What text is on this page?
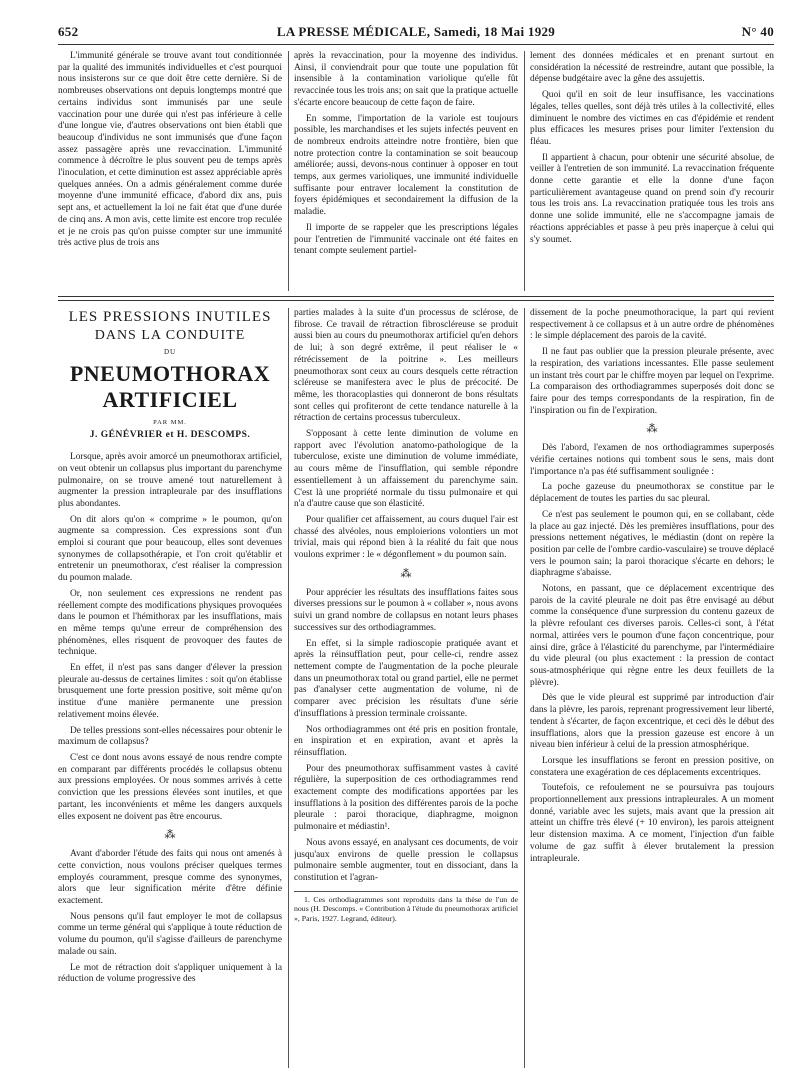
652	LA PRESSE MÉDICALE, Samedi, 18 Mai 1929	N° 40

L'immunité générale se trouve avant tout conditionnée par la qualité des immunités individuelles et c'est pourquoi nous insisterons sur ce que doit être cette dernière. Si de nombreuses observations ont depuis longtemps montré que certains individus sont immunisés par une seule vaccination pour une durée qui n'est pas inférieure à celle d'une longue vie, d'autres observations ont bien établi que beaucoup d'individus ne sont immunisés que d'une façon assez passagère après une revaccination. L'immunité commence à décroître le plus souvent peu de temps après l'inoculation, et cette diminution est assez appréciable après quelques années. On a admis généralement comme durée moyenne d'une immunité efficace, d'abord dix ans, puis sept ans, et actuellement la loi ne fait état que d'une durée de cinq ans. A mon avis, cette limite est encore trop reculée et je ne crois pas qu'on puisse compter sur une immunité très active plus de trois ans

après la revaccination, pour la moyenne des individus. Ainsi, il conviendrait pour que toute une population fût insensible à la contamination variolique qu'elle fût revaccinée tous les trois ans; on sait que la pratique actuelle s'écarte encore beaucoup de cette façon de faire.

En somme, l'importation de la variole est toujours possible, les marchandises et les sujets infectés peuvent en de nombreux endroits atteindre notre frontière, bien que notre protection contre la contamination se soit beaucoup améliorée; aussi, devons-nous continuer à opposer en tout temps, aux germes varioliques, une immunité individuelle suffisante pour entraver localement la constitution de foyers épidémiques et secondairement la diffusion de la maladie.

Il importe de se rappeler que les prescriptions légales pour l'entretien de l'immunité vaccinale ont été faites en tenant compte seulement partiel-

lement des données médicales et en prenant surtout en considération la nécessité de restreindre, autant que possible, la dépense budgétaire avec la gêne des assujettis.

Quoi qu'il en soit de leur insuffisance, les vaccinations légales, telles quelles, sont déjà très utiles à la collectivité, elles diminuent le nombre des victimes en cas d'épidémie et rendent plus efficaces les mesures prises pour limiter l'extension du fléau.

Il appartient à chacun, pour obtenir une sécurité absolue, de veiller à l'entretien de son immunité. La revaccination fréquente donne cette garantie et elle la donne d'une façon particulièrement avantageuse quand on prend soin d'y recourir tous les trois ans. La revaccination pratiquée tous les trois ans donne une solide immunité, elle ne s'accompagne jamais de réactions appréciables et passe à peu près inaperçue à celui qui s'y soumet.

LES PRESSIONS INUTILES
DANS LA CONDUITE
DU
PNEUMOTHORAX ARTIFICIEL
PAR MM.
J. GÉNÉVRIER et H. DESCOMPS.

Lorsque, après avoir amorcé un pneumothorax artificiel, on veut obtenir un collapsus plus important du parenchyme pulmonaire, on se trouve amené tout naturellement à augmenter la pression intrapleurale par des insufflations plus abondantes.

On dit alors qu'on « comprime » le poumon, qu'on augmente sa compression. Ces expressions sont d'un emploi si courant que pour beaucoup, elles sont devenues synonymes de collapsothérapie, et l'on croit qu'établir et entretenir un pneumothorax, c'est réaliser la compression du poumon malade.

Or, non seulement ces expressions ne rendent pas réellement compte des modifications physiques provoquées dans le poumon et l'hémithorax par les insufflations, mais en même temps qu'une erreur de compréhension des phénomènes, elles risquent de provoquer des fautes de technique.

En effet, il n'est pas sans danger d'élever la pression pleurale au-dessus de certaines limites : soit qu'on établisse brusquement une forte pression positive, soit même qu'on institue d'une manière permanente une pression relativement moins élevée.

De telles pressions sont-elles nécessaires pour obtenir le maximum de collapsus?

C'est ce dont nous avons essayé de nous rendre compte en comparant par différents procédés le collapsus obtenu aux pressions employées. Or nous sommes arrivés à cette conviction que les pressions élevées sont inutiles, et que partant, les inconvénients et même les dangers auxquels elles exposent ne doivent pas être encourus.

⁂

Avant d'aborder l'étude des faits qui nous ont amenés à cette conviction, nous voulons préciser quelques termes employés couramment, presque comme des synonymes, alors que leur signification mérite d'être définie exactement.

Nous pensons qu'il faut employer le mot de collapsus comme un terme général qui s'applique à toute réduction de volume du poumon, qu'il s'agisse d'ailleurs de parenchyme malade ou sain.

Le mot de rétraction doit s'appliquer uniquement à la réduction de volume progressive des

parties malades à la suite d'un processus de sclérose, de fibrose. Ce travail de rétraction fibroscléreuse se produit aussi bien au cours du pneumothorax artificiel qu'en dehors de lui; à son degré extrême, il peut réaliser le « rétrécissement de la poitrine ». Les meilleurs pneumothorax sont ceux au cours desquels cette rétraction scléreuse se manifestera avec le plus de précocité. De même, les thoracoplasties qui donneront de bons résultats sont celles qui profiteront de cette tendance naturelle à la rétraction de certains processus tuberculeux.

S'opposant à cette lente diminution de volume en rapport avec l'évolution anatomo-pathologique de la tuberculose, existe une diminution de volume immédiate, au cours même de l'insufflation, qui semble répondre essentiellement à un affaissement du parenchyme sain. C'est là une propriété normale du tissu pulmonaire et qui n'a d'autre cause que son élasticité.

Pour qualifier cet affaissement, au cours duquel l'air est chassé des alvéoles, nous emploierions volontiers un mot trivial, mais qui répond bien à la réalité du fait que nous voulons exprimer : le « dégonflement » du poumon sain.

⁂

Pour apprécier les résultats des insufflations faites sous diverses pressions sur le poumon à « collaber », nous avons suivi un grand nombre de collapsus en notant leurs phases successives sur des orthodiagrammes.

En effet, si la simple radioscopie pratiquée avant et après la réinsufflation peut, pour celle-ci, rendre assez nettement compte de l'augmentation de la poche pleurale dans un pneumothorax total ou grand partiel, elle ne permet pas d'analyser cette augmentation de volume, ni de comparer avec précision les résultats d'une série d'insufflations à pression terminale croissante.

Nos orthodiagrammes ont été pris en position frontale, en inspiration et en expiration, avant et après la réinsufflation.

Pour des pneumothorax suffisamment vastes à cavité régulière, la superposition de ces orthodiagrammes rend exactement compte des modifications apportées par les insufflations à la position des différentes parois de la poche pleurale : paroi thoracique, diaphragme, moignon pulmonaire et médiastin¹.

Nous avons essayé, en analysant ces documents, de voir jusqu'aux environs de quelle pression le collapsus pulmonaire semble augmenter, tout en dissociant, dans la constitution et l'agran-

1. Ces orthodiagrammes sont reproduits dans la thèse de l'un de nous (H. Descomps. « Contribution à l'étude du pneumothorax artificiel », Paris, 1927. Legrand, éditeur).

dissement de la poche pneumothoracique, la part qui revient respectivement à ce collapsus et à un autre ordre de phénomènes : le simple déplacement des parois de la cavité.

Il ne faut pas oublier que la pression pleurale présente, avec la respiration, des variations incessantes. Elle passe seulement un instant très court par le chiffre moyen par lequel on l'exprime. La comparaison des orthodiagrammes superposés doit donc se faire pour des temps correspondants de la respiration, fin de l'inspiration ou fin de l'expiration.

⁂

Dès l'abord, l'examen de nos orthodiagrammes superposés vérifie certaines notions qui tombent sous le sens, mais dont l'importance n'a pas été suffisamment soulignée :

La poche gazeuse du pneumothorax se constitue par le déplacement de toutes les parties du sac pleural.

Ce n'est pas seulement le poumon qui, en se collabant, cède la place au gaz injecté. Dès les premières insufflations, pour des pressions nettement négatives, le médiastin (dont on repère la position par celle de l'ombre cardio-vasculaire) se trouve déplacé vers le poumon sain; la paroi thoracique s'écarte en dehors; le diaphragme s'abaisse.

Notons, en passant, que ce déplacement excentrique des parois de la cavité pleurale ne doit pas être envisagé au début comme la conséquence d'une surpression du contenu gazeux de la plèvre refoulant ces diverses parois. Celles-ci sont, à l'état normal, attirées vers le poumon d'une façon concentrique, pour ainsi dire, grâce à l'élasticité du parenchyme, par l'intermédiaire du vide pleural (ou plus exactement : la pression de contact sous-atmosphérique qui règne entre les deux feuillets de la plèvre).

Dès que le vide pleural est supprimé par introduction d'air dans la plèvre, les parois, reprenant progressivement leur liberté, tendent à s'écarter, de façon excentrique, et ceci dès le début des insufflations, alors que la pression gazeuse est encore à un niveau bien inférieur à celui de la pression atmosphérique.

Lorsque les insufflations se feront en pression positive, on constatera une exagération de ces déplacements excentriques.

Toutefois, ce refoulement ne se poursuivra pas toujours proportionnellement aux pressions intrapleurales. A un moment donné, variable avec les sujets, mais avant que la pression ait atteint un chiffre très élevé (+ 10 environ), les parois atteignent leur distension maxima. A ce moment, l'injection d'un faible volume de gaz suffit à élever brutalement la pression intrapleurale.
